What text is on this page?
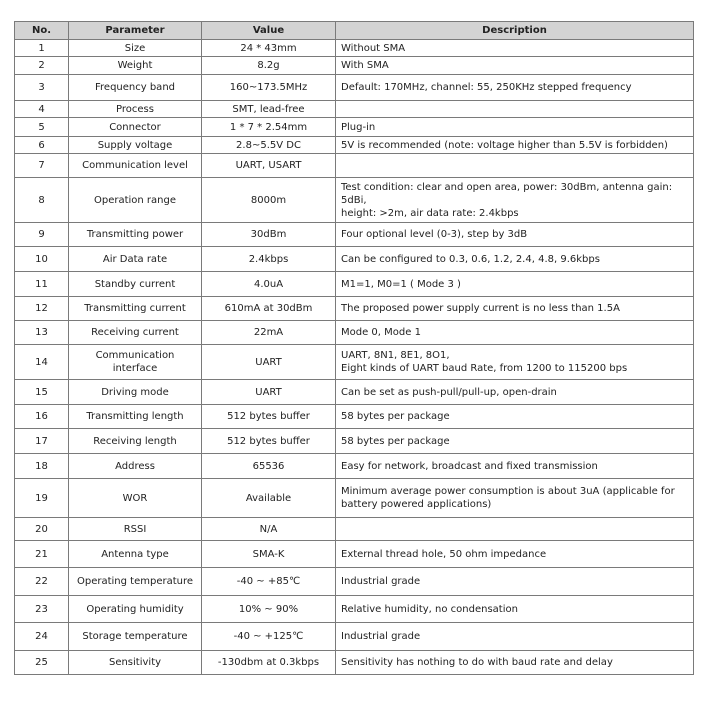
No.	Parameter	Value	Description
1	Size	24 * 43mm	Without SMA
2	Weight	8.2g	With SMA
3	Frequency band	160~173.5MHz	Default: 170MHz, channel: 55, 250KHz stepped frequency
4	Process	SMT, lead-free	
5	Connector	1 * 7 * 2.54mm	Plug-in
6	Supply voltage	2.8~5.5V DC	5V is recommended (note: voltage higher than 5.5V is forbidden)
7	Communication level	UART, USART	
8	Operation range	8000m	Test condition: clear and open area, power: 30dBm, antenna gain: 5dBi,
height: >2m, air data rate: 2.4kbps
9	Transmitting power	30dBm	Four optional level (0-3), step by 3dB
10	Air Data rate	2.4kbps	Can be configured to 0.3, 0.6, 1.2, 2.4, 4.8, 9.6kbps
11	Standby current	4.0uA	M1=1, M0=1 ( Mode 3 )
12	Transmitting current	610mA at 30dBm	The proposed power supply current is no less than 1.5A
13	Receiving current	22mA	Mode 0, Mode 1
14	Communication
interface	UART	UART, 8N1, 8E1, 8O1,
Eight kinds of UART baud Rate, from 1200 to 115200 bps
15	Driving mode	UART	Can be set as push-pull/pull-up, open-drain
16	Transmitting length	512 bytes buffer	58 bytes per package
17	Receiving length	512 bytes buffer	58 bytes per package
18	Address	65536	Easy for network, broadcast and fixed transmission
19	WOR	Available	Minimum average power consumption is about 3uA (applicable for
battery powered applications)
20	RSSI	N/A	
21	Antenna type	SMA-K	External thread hole, 50 ohm impedance
22	Operating temperature	-40 ~ +85℃	Industrial grade
23	Operating humidity	10% ~ 90%	Relative humidity, no condensation
24	Storage temperature	-40 ~ +125℃	Industrial grade
25	Sensitivity	-130dbm at 0.3kbps	Sensitivity has nothing to do with baud rate and delay
